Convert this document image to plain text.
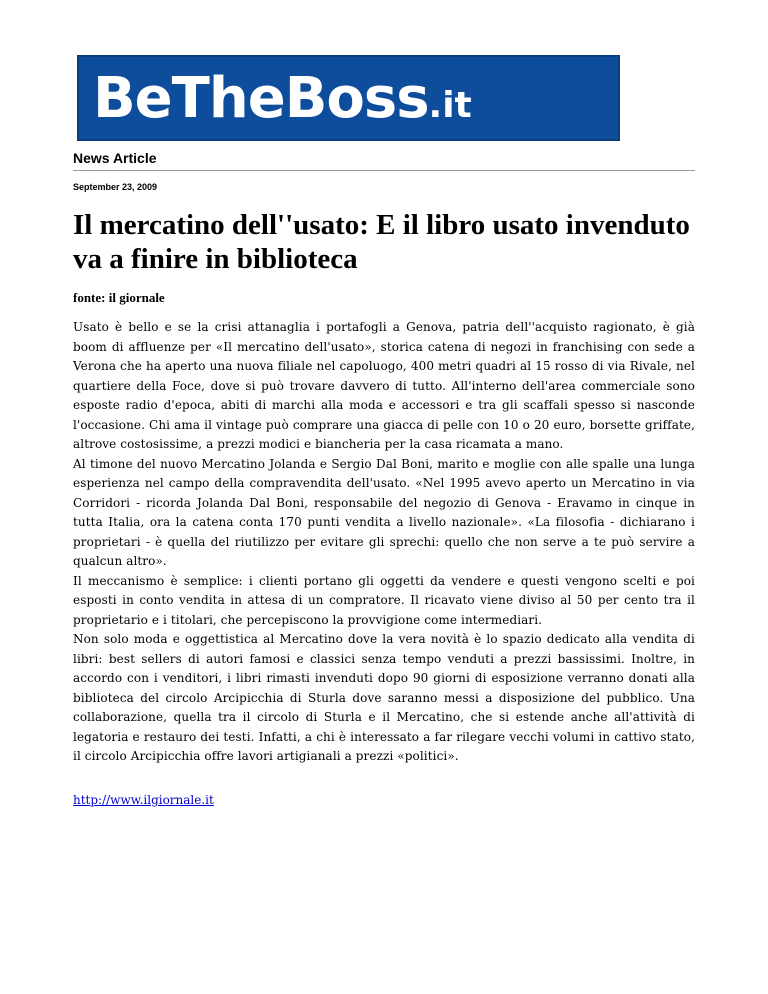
BeTheBoss.it
News Article
September 23, 2009
Il mercatino dell''usato: E il libro usato invenduto va a finire in biblioteca
fonte: il giornale

Usato è bello e se la crisi attanaglia i portafogli a Genova, patria dell''acquisto ragionato, è già boom di affluenze per «Il mercatino dell'usato», storica catena di negozi in franchising con sede a Verona che ha aperto una nuova filiale nel capoluogo, 400 metri quadri al 15 rosso di via Rivale, nel quartiere della Foce, dove si può trovare davvero di tutto. All'interno dell'area commerciale sono esposte radio d'epoca, abiti di marchi alla moda e accessori e tra gli scaffali spesso si nasconde l'occasione. Chi ama il vintage può comprare una giacca di pelle con 10 o 20 euro, borsette griffate, altrove costosissime, a prezzi modici e biancheria per la casa ricamata a mano.

Al timone del nuovo Mercatino Jolanda e Sergio Dal Boni, marito e moglie con alle spalle una lunga esperienza nel campo della compravendita dell'usato. «Nel 1995 avevo aperto un Mercatino in via Corridori - ricorda Jolanda Dal Boni, responsabile del negozio di Genova - Eravamo in cinque in tutta Italia, ora la catena conta 170 punti vendita a livello nazionale». «La filosofia - dichiarano i proprietari - è quella del riutilizzo per evitare gli sprechi: quello che non serve a te può servire a qualcun altro».

Il meccanismo è semplice: i clienti portano gli oggetti da vendere e questi vengono scelti e poi esposti in conto vendita in attesa di un compratore. Il ricavato viene diviso al 50 per cento tra il proprietario e i titolari, che percepiscono la provvigione come intermediari.

Non solo moda e oggettistica al Mercatino dove la vera novità è lo spazio dedicato alla vendita di libri: best sellers di autori famosi e classici senza tempo venduti a prezzi bassissimi. Inoltre, in accordo con i venditori, i libri rimasti invenduti dopo 90 giorni di esposizione verranno donati alla biblioteca del circolo Arcipicchia di Sturla dove saranno messi a disposizione del pubblico. Una collaborazione, quella tra il circolo di Sturla e il Mercatino, che si estende anche all'attività di legatoria e restauro dei testi. Infatti, a chi è interessato a far rilegare vecchi volumi in cattivo stato, il circolo Arcipicchia offre lavori artigianali a prezzi «politici».

http://www.ilgiornale.it
